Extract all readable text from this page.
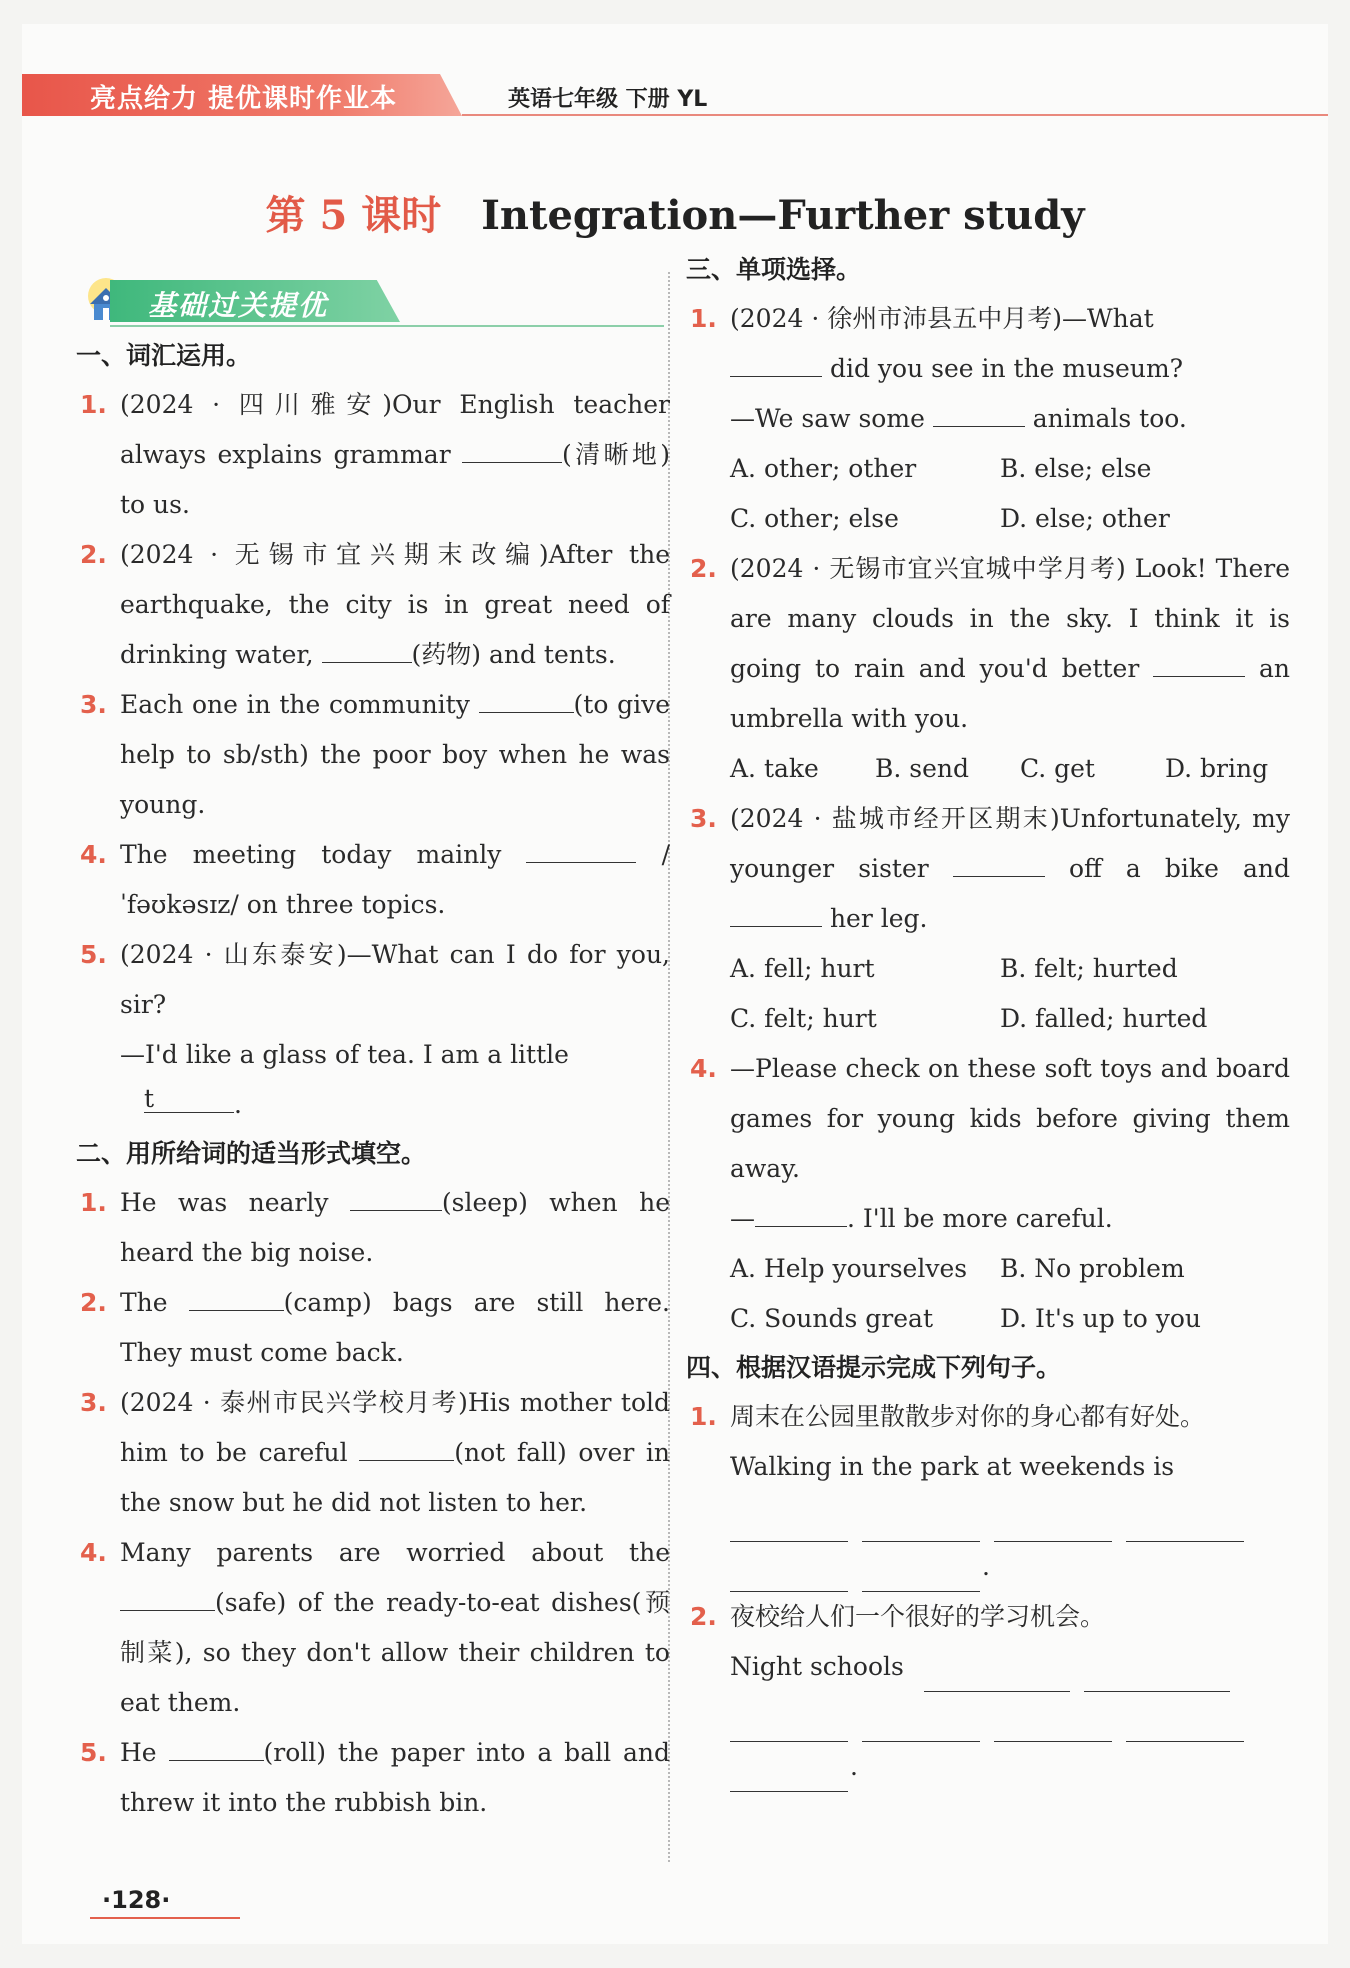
亮点给力 提优课时作业本	英语七年级 下册 YL
第 5 课时 Integration—Further study
基础过关提优
一、词汇运用。
1. (2024 · 四川雅安)Our English teacher always explains grammar	(清晰地) to us.
2. (2024 · 无锡市宜兴期末改编)After the earthquake, the city is in great need of drinking water,	(药物) and tents.
3. Each one in the community	(to give help to sb/sth) the poor boy when he was young.
4. The meeting today mainly	/ˈfəʊkəsɪz/ on three topics.
5. (2024 · 山东泰安)—What can I do for you, sir?
—I'd like a glass of tea. I am a little
t	.
二、用所给词的适当形式填空。
1. He was nearly	(sleep) when he heard the big noise.
2. The	(camp) bags are still here. They must come back.
3. (2024 · 泰州市民兴学校月考)His mother told him to be careful	(not fall) over in the snow but he did not listen to her.
4. Many parents are worried about the (safe) of the ready-to-eat dishes(预制菜), so they don't allow their children to eat them.
5. He	(roll) the paper into a ball and threw it into the rubbish bin.
三、单项选择。
1. (2024 · 徐州市沛县五中月考)—What
did you see in the museum?
—We saw some	animals too.
A. other; other	B. else; else
C. other; else	D. else; other
2. (2024 · 无锡市宜兴宜城中学月考) Look! There are many clouds in the sky. I think it is going to rain and you'd better	an umbrella with you.
A. take	B. send	C. get	D. bring
3. (2024 · 盐城市经开区期末)Unfortunately, my younger sister	off a bike and  her leg.
A. fell; hurt	B. felt; hurted
C. felt; hurt	D. falled; hurted
4. —Please check on these soft toys and board games for young kids before giving them away.
—	. I'll be more careful.
A. Help yourselves	B. No problem
C. Sounds great	D. It's up to you
四、根据汉语提示完成下列句子。
1. 周末在公园里散散步对你的身心都有好处。
Walking in the park at weekends is
.
2. 夜校给人们一个很好的学习机会。
Night schools
.
·128·
